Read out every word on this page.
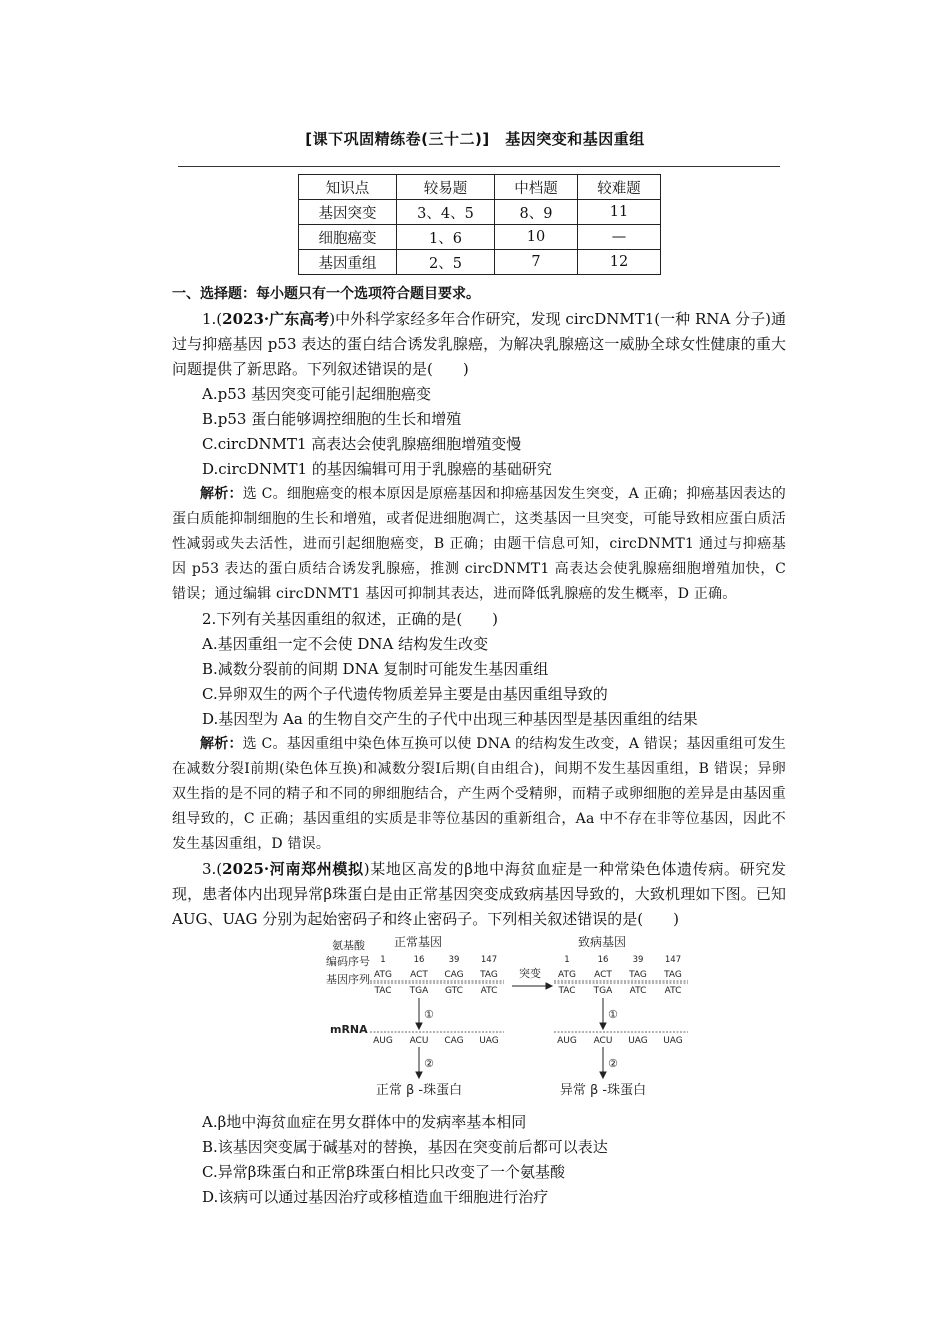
[课下巩固精练卷(三十二)]　基因突变和基因重组
知识点	较易题	中档题	较难题
基因突变	3、4、5	8、9	11
细胞癌变	1、6	10	—
基因重组	2、5	7	12

一、选择题：每小题只有一个选项符合题目要求。

1.(2023·广东高考)中外科学家经多年合作研究，发现 circDNMT1(一种 RNA 分子)通过与抑癌基因 p53 表达的蛋白结合诱发乳腺癌，为解决乳腺癌这一威胁全球女性健康的重大问题提供了新思路。下列叙述错误的是(　　)

A.p53 基因突变可能引起细胞癌变

B.p53 蛋白能够调控细胞的生长和增殖

C.circDNMT1 高表达会使乳腺癌细胞增殖变慢

D.circDNMT1 的基因编辑可用于乳腺癌的基础研究

解析：选 C。细胞癌变的根本原因是原癌基因和抑癌基因发生突变，A 正确；抑癌基因表达的蛋白质能抑制细胞的生长和增殖，或者促进细胞凋亡，这类基因一旦突变，可能导致相应蛋白质活性减弱或失去活性，进而引起细胞癌变，B 正确；由题干信息可知，circDNMT1 通过与抑癌基因 p53 表达的蛋白质结合诱发乳腺癌，推测 circDNMT1 高表达会使乳腺癌细胞增殖加快，C 错误；通过编辑 circDNMT1 基因可抑制其表达，进而降低乳腺癌的发生概率，D 正确。

2.下列有关基因重组的叙述，正确的是(　　)

A.基因重组一定不会使 DNA 结构发生改变

B.减数分裂前的间期 DNA 复制时可能发生基因重组

C.异卵双生的两个子代遗传物质差异主要是由基因重组导致的

D.基因型为 Aa 的生物自交产生的子代中出现三种基因型是基因重组的结果

解析：选 C。基因重组中染色体互换可以使 DNA 的结构发生改变，A 错误；基因重组可发生在减数分裂Ⅰ前期(染色体互换)和减数分裂Ⅰ后期(自由组合)，间期不发生基因重组，B 错误；异卵双生指的是不同的精子和不同的卵细胞结合，产生两个受精卵，而精子或卵细胞的差异是由基因重组导致的，C 正确；基因重组的实质是非等位基因的重新组合，Aa 中不存在非等位基因，因此不发生基因重组，D 错误。

3.(2025·河南郑州模拟)某地区高发的β地中海贫血症是一种常染色体遗传病。研究发现，患者体内出现异常β珠蛋白是由正常基因突变成致病基因导致的，大致机理如下图。已知 AUG、UAG 分别为起始密码子和终止密码子。下列相关叙述错误的是(　　)

氨基酸
编码序号
基因序列
mRNA
正常基因	致病基因
1	16	39	147	1	16	39	147
ATG ACT CAG TAG
TAC TGA GTC ATC
ATG ACT TAG TAG
TAC TGA ATC ATC
AUG ACU CAG UAG	AUG ACU UAG UAG
突变
①
②
①
②
正常 β -珠蛋白	异常 β -珠蛋白

A.β地中海贫血症在男女群体中的发病率基本相同

B.该基因突变属于碱基对的替换，基因在突变前后都可以表达

C.异常β珠蛋白和正常β珠蛋白相比只改变了一个氨基酸

D.该病可以通过基因治疗或移植造血干细胞进行治疗
